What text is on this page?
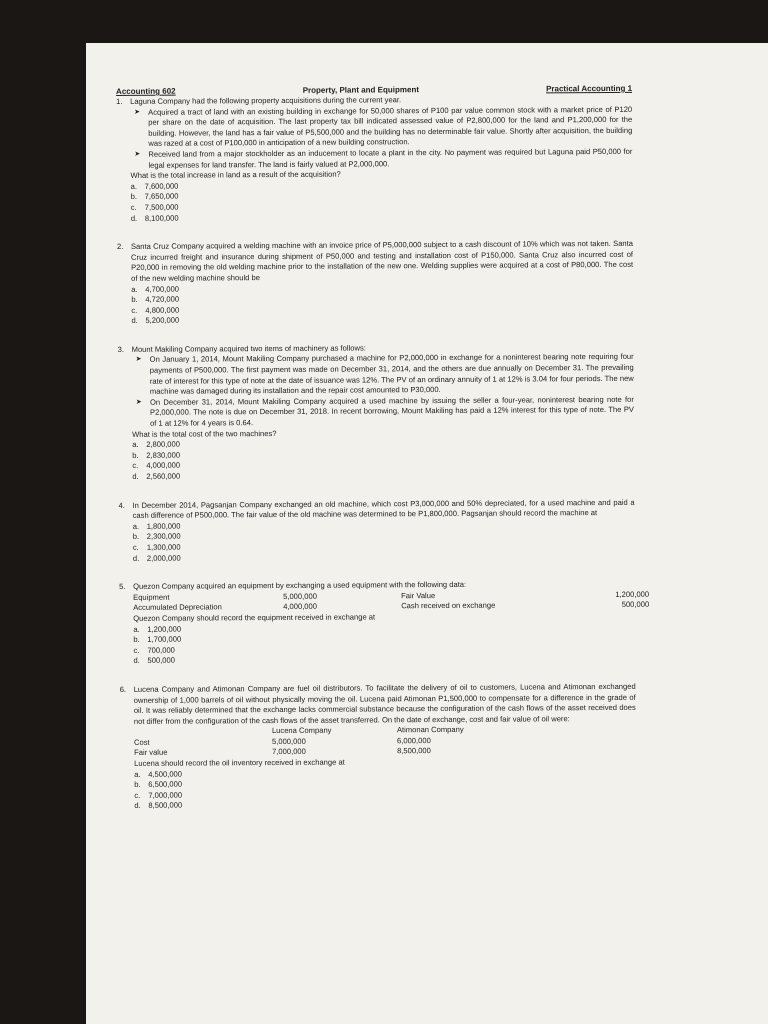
Accounting 602	Property, Plant and Equipment	Practical Accounting 1
1.	Laguna Company had the following property acquisitions during the current year.
➤	Acquired a tract of land with an existing building in exchange for 50,000 shares of P100 par value common stock with a market price of P120 per share on the date of acquisition. The last property tax bill indicated assessed value of P2,800,000 for the land and P1,200,000 for the building. However, the land has a fair value of P5,500,000 and the building has no determinable fair value. Shortly after acquisition, the building was razed at a cost of P100,000 in anticipation of a new building construction.
➤	Received land from a major stockholder as an inducement to locate a plant in the city. No payment was required but Laguna paid P50,000 for legal expenses for land transfer. The land is fairly valued at P2,000,000.
What is the total increase in land as a result of the acquisition?
a.	7,600,000
b.	7,650,000
c.	7,500,000
d.	8,100,000
2.	Santa Cruz Company acquired a welding machine with an invoice price of P5,000,000 subject to a cash discount of 10% which was not taken. Santa Cruz incurred freight and insurance during shipment of P50,000 and testing and installation cost of P150,000. Santa Cruz also incurred cost of P20,000 in removing the old welding machine prior to the installation of the new one. Welding supplies were acquired at a cost of P80,000. The cost of the new welding machine should be
a.	4,700,000
b.	4,720,000
c.	4,800,000
d.	5,200,000
3.	Mount Makiling Company acquired two items of machinery as follows:
➤	On January 1, 2014, Mount Makiling Company purchased a machine for P2,000,000 in exchange for a noninterest bearing note requiring four payments of P500,000. The first payment was made on December 31, 2014, and the others are due annually on December 31. The prevailing rate of interest for this type of note at the date of issuance was 12%. The PV of an ordinary annuity of 1 at 12% is 3.04 for four periods. The new machine was damaged during its installation and the repair cost amounted to P30,000.
➤	On December 31, 2014, Mount Makiling Company acquired a used machine by issuing the seller a four-year, noninterest bearing note for P2,000,000. The note is due on December 31, 2018. In recent borrowing, Mount Makiling has paid a 12% interest for this type of note. The PV of 1 at 12% for 4 years is 0.64.
What is the total cost of the two machines?
a.	2,800,000
b.	2,830,000
c.	4,000,000
d.	2,560,000
4.	In December 2014, Pagsanjan Company exchanged an old machine, which cost P3,000,000 and 50% depreciated, for a used machine and paid a cash difference of P500,000. The fair value of the old machine was determined to be P1,800,000. Pagsanjan should record the machine at
a.	1,800,000
b.	2,300,000
c.	1,300,000
d.	2,000,000
5.	Quezon Company acquired an equipment by exchanging a used equipment with the following data:
Equipment	5,000,000	Fair Value	1,200,000
Accumulated Depreciation	4,000,000	Cash received on exchange	500,000
Quezon Company should record the equipment received in exchange at
a.	1,200,000
b.	1,700,000
c.	700,000
d.	500,000
6.	Lucena Company and Atimonan Company are fuel oil distributors. To facilitate the delivery of oil to customers, Lucena and Atimonan exchanged ownership of 1,000 barrels of oil without physically moving the oil. Lucena paid Atimonan P1,500,000 to compensate for a difference in the grade of oil. It was reliably determined that the exchange lacks commercial substance because the configuration of the cash flows of the asset received does not differ from the configuration of the cash flows of the asset transferred. On the date of exchange, cost and fair value of oil were:
Lucena Company	Atimonan Company
Cost	5,000,000	6,000,000
Fair value	7,000,000	8,500,000
Lucena should record the oil inventory received in exchange at
a.	4,500,000
b.	6,500,000
c.	7,000,000
d.	8,500,000
